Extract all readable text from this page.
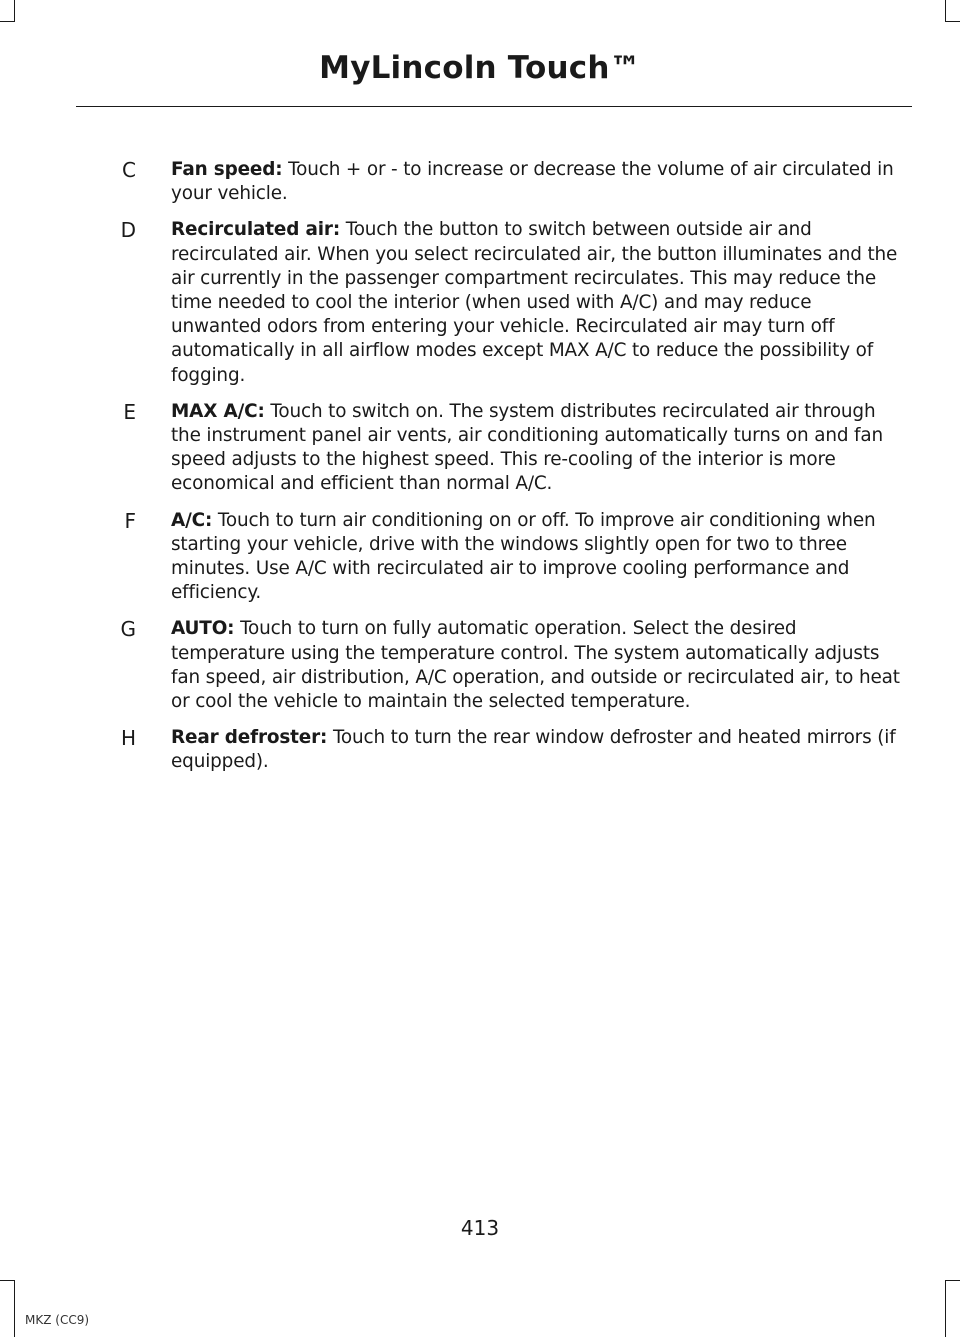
MyLincoln Touch™
C Fan speed: Touch + or - to increase or decrease the volume of air circulated in your vehicle.
D Recirculated air: Touch the button to switch between outside air and recirculated air. When you select recirculated air, the button illuminates and the air currently in the passenger compartment recirculates. This may reduce the time needed to cool the interior (when used with A/C) and may reduce unwanted odors from entering your vehicle. Recirculated air may turn off automatically in all airflow modes except MAX A/C to reduce the possibility of fogging.
E MAX A/C: Touch to switch on. The system distributes recirculated air through the instrument panel air vents, air conditioning automatically turns on and fan speed adjusts to the highest speed. This re-cooling of the interior is more economical and efficient than normal A/C.
F A/C: Touch to turn air conditioning on or off. To improve air conditioning when starting your vehicle, drive with the windows slightly open for two to three minutes. Use A/C with recirculated air to improve cooling performance and efficiency.
G AUTO: Touch to turn on fully automatic operation. Select the desired temperature using the temperature control. The system automatically adjusts fan speed, air distribution, A/C operation, and outside or recirculated air, to heat or cool the vehicle to maintain the selected temperature.
H Rear defroster: Touch to turn the rear window defroster and heated mirrors (if equipped).
413
MKZ (CC9)
